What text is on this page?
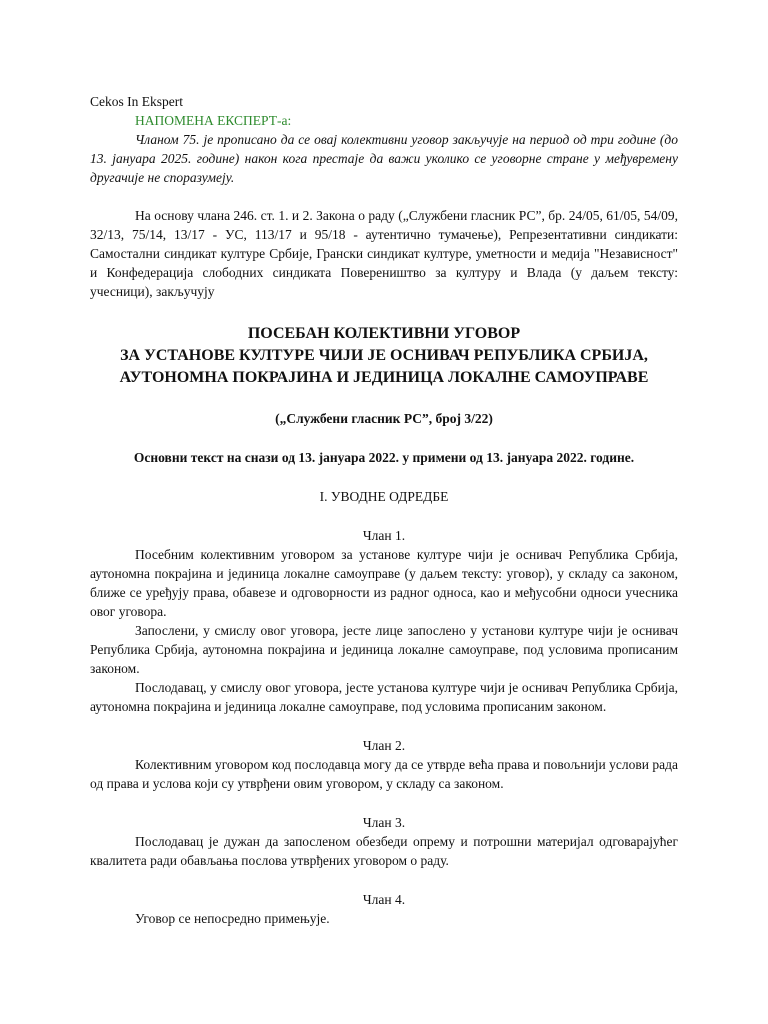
Cekos In Ekspert

НАПОМЕНА ЕКСПЕРТ-а:

Чланом 75. је прописано да се овај колективни уговор закључује на период од три године (до 13. јануара 2025. године) након кога престаје да важи уколико се уговорне стране у међувремену другачије не споразумеју.

На основу члана 246. ст. 1. и 2. Закона о раду („Службени гласник РС”, бр. 24/05, 61/05, 54/09, 32/13, 75/14, 13/17 - УС, 113/17 и 95/18 - аутентично тумачење), Репрезентативни синдикати: Самостални синдикат културе Србије, Грански синдикат културе, уметности и медија "Независност" и Конфедерација слободних синдиката Повереништво за културу и Влада (у даљем тексту: учесници), закључују

ПОСЕБАН КОЛЕКТИВНИ УГОВОР
ЗА УСТАНОВЕ КУЛТУРЕ ЧИЈИ ЈЕ ОСНИВАЧ РЕПУБЛИКА СРБИЈА,
АУТОНОМНА ПОКРАЈИНА И ЈЕДИНИЦА ЛОКАЛНЕ САМОУПРАВЕ
(„Службени гласник РС”, број 3/22)
Основни текст на снази од 13. јануара 2022. у примени од 13. јануара 2022. године.
I. УВОДНЕ ОДРЕДБЕ
Члан 1.

Посебним колективним уговором за установе културе чији је оснивач Република Србија, аутономна покрајина и јединица локалне самоуправе (у даљем тексту: уговор), у складу са законом, ближе се уређују права, обавезе и одговорности из радног односа, као и међусобни односи учесника овог уговора.

Запослени, у смислу овог уговора, јесте лице запослено у установи културе чији је оснивач Република Србија, аутономна покрајина и јединица локалне самоуправе, под условима прописаним законом.

Послодавац, у смислу овог уговора, јесте установа културе чији је оснивач Република Србија, аутономна покрајина и јединица локалне самоуправе, под условима прописаним законом.

Члан 2.

Колективним уговором код послодавца могу да се утврде већа права и повољнији услови рада од права и услова који су утврђени овим уговором, у складу са законом.

Члан 3.

Послодавац је дужан да запосленом обезбеди опрему и потрошни материјал одговарајућег квалитета ради обављања послова утврђених уговором о раду.

Члан 4.

Уговор се непосредно примењује.
